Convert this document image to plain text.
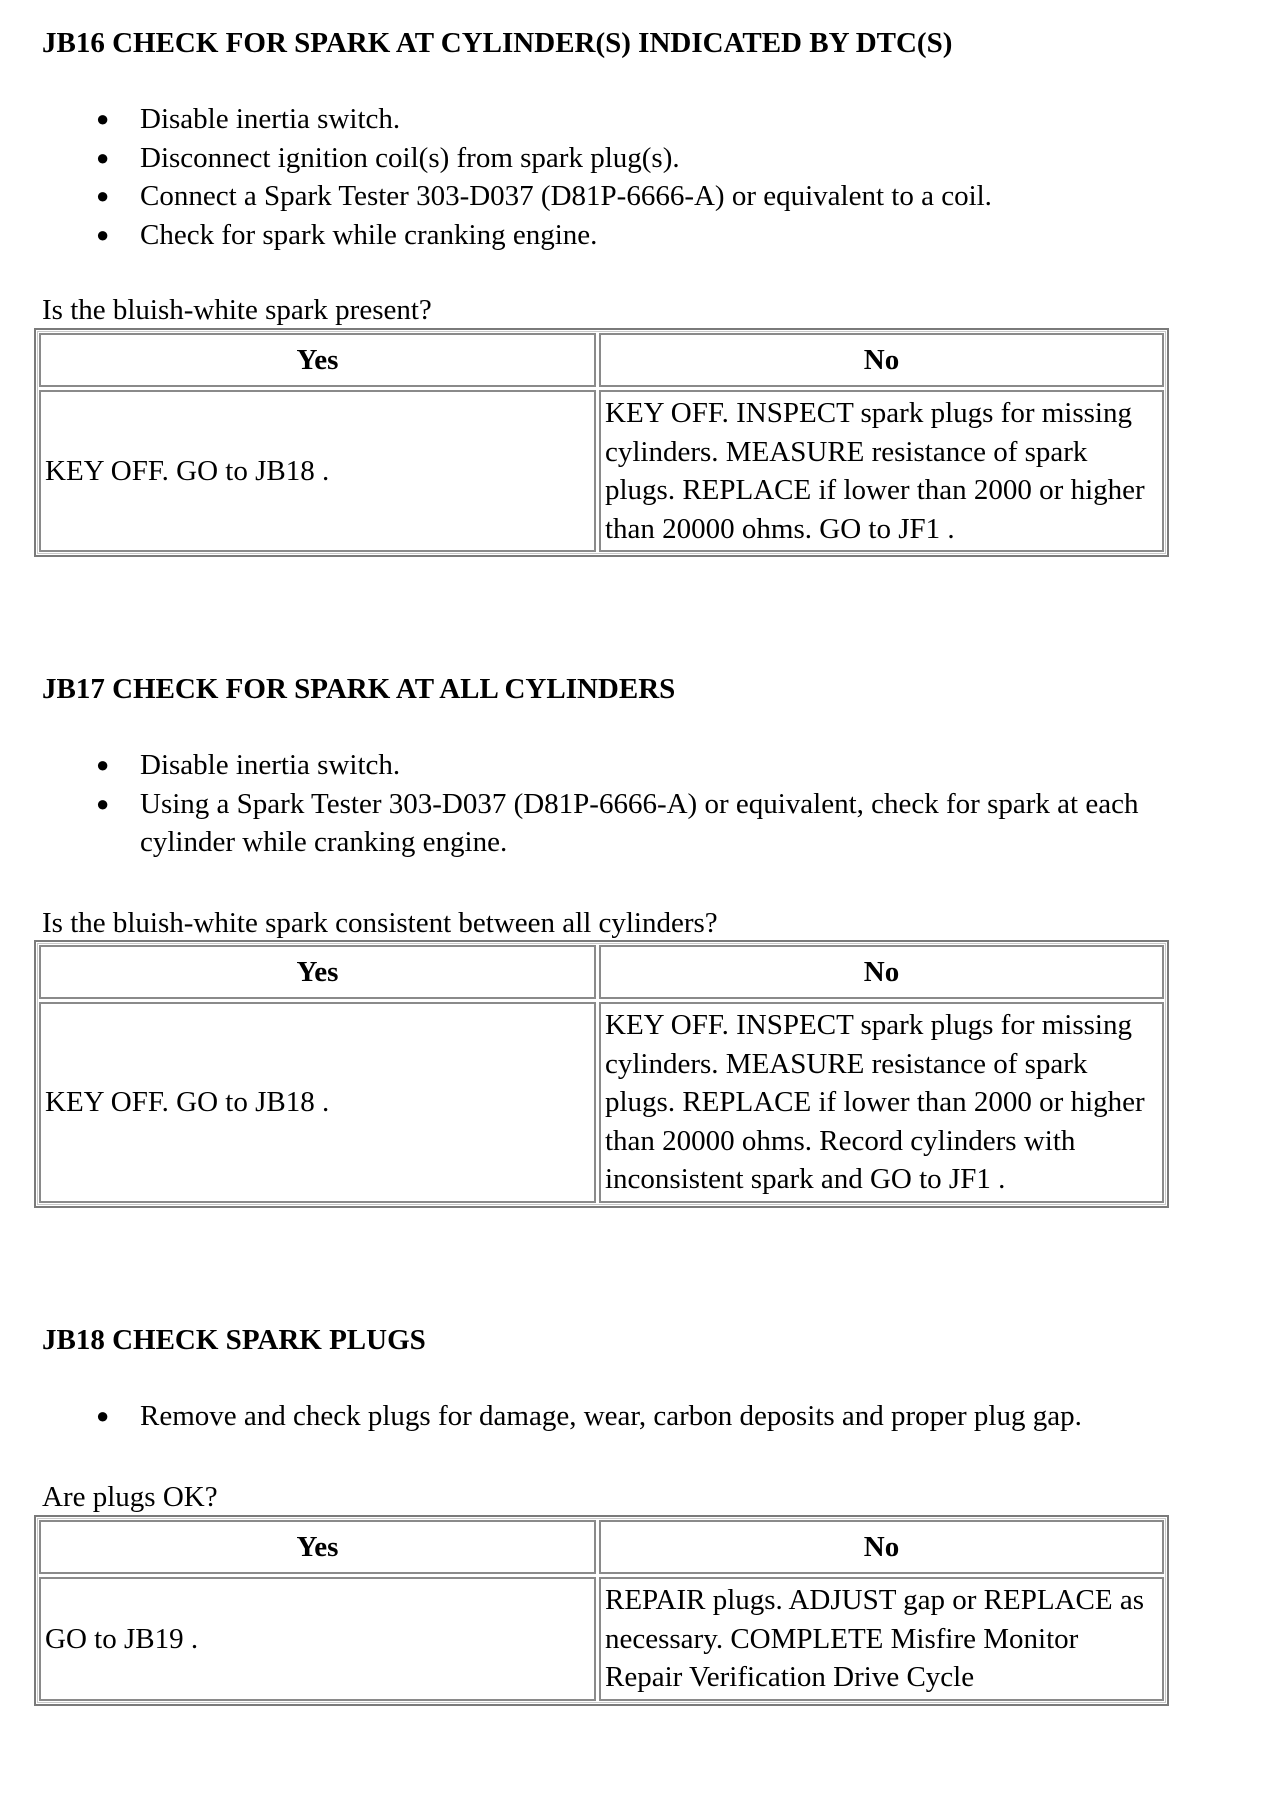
JB16 CHECK FOR SPARK AT CYLINDER(S) INDICATED BY DTC(S)
● Disable inertia switch.
● Disconnect ignition coil(s) from spark plug(s).
● Connect a Spark Tester 303-D037 (D81P-6666-A) or equivalent to a coil.
● Check for spark while cranking engine.

Is the bluish-white spark present?

Yes	No
KEY OFF. GO to JB18 .	KEY OFF. INSPECT spark plugs for missing cylinders. MEASURE resistance of spark plugs. REPLACE if lower than 2000 or higher than 20000 ohms. GO to JF1 .
JB17 CHECK FOR SPARK AT ALL CYLINDERS
● Disable inertia switch.
● Using a Spark Tester 303-D037 (D81P-6666-A) or equivalent, check for spark at each cylinder while cranking engine.

Is the bluish-white spark consistent between all cylinders?

Yes	No
KEY OFF. GO to JB18 .	KEY OFF. INSPECT spark plugs for missing cylinders. MEASURE resistance of spark plugs. REPLACE if lower than 2000 or higher than 20000 ohms. Record cylinders with inconsistent spark and GO to JF1 .
JB18 CHECK SPARK PLUGS
● Remove and check plugs for damage, wear, carbon deposits and proper plug gap.

Are plugs OK?

Yes	No
GO to JB19 .	REPAIR plugs. ADJUST gap or REPLACE as necessary. COMPLETE Misfire Monitor Repair Verification Drive Cycle
